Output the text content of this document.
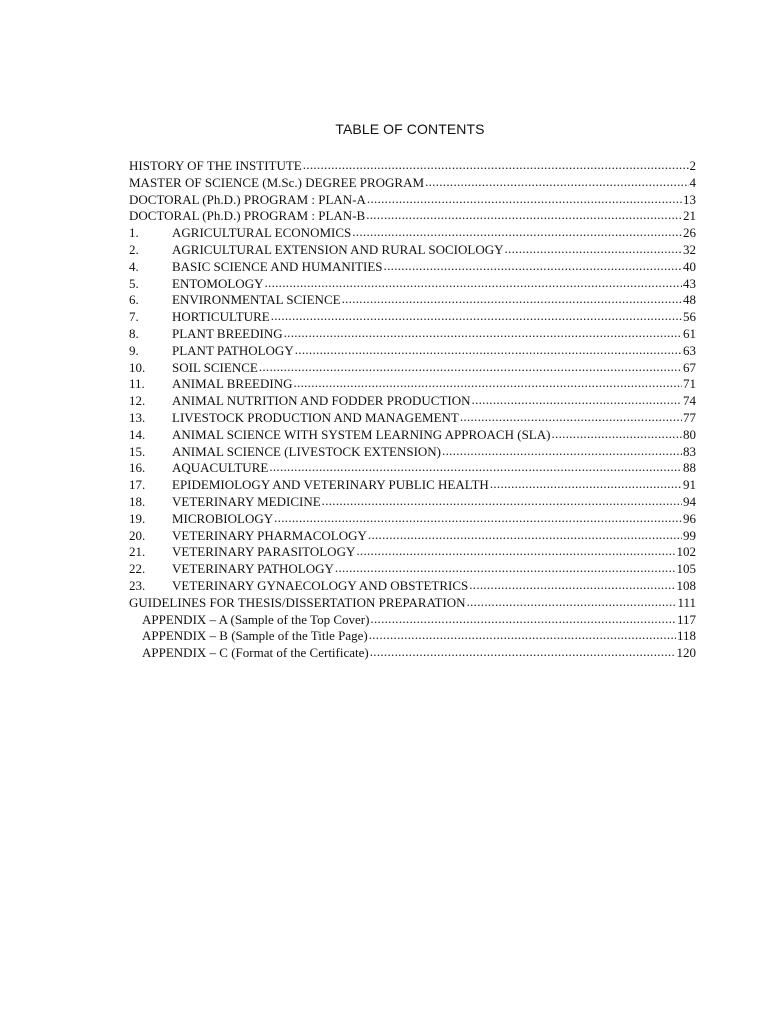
TABLE OF CONTENTS
HISTORY OF THE INSTITUTE .....	2
MASTER OF SCIENCE (M.Sc.) DEGREE PROGRAM .....	4
DOCTORAL (Ph.D.) PROGRAM : PLAN-A .....	13
DOCTORAL (Ph.D.) PROGRAM : PLAN-B .....	21
1.	AGRICULTURAL ECONOMICS .....	26
2.	AGRICULTURAL EXTENSION AND RURAL SOCIOLOGY .....	32
4.	BASIC SCIENCE AND HUMANITIES .....	40
5.	ENTOMOLOGY .....	43
6.	ENVIRONMENTAL SCIENCE .....	48
7.	HORTICULTURE .....	56
8.	PLANT BREEDING .....	61
9.	PLANT PATHOLOGY .....	63
10.	SOIL SCIENCE .....	67
11.	ANIMAL BREEDING .....	71
12.	ANIMAL NUTRITION AND FODDER PRODUCTION .....	74
13.	LIVESTOCK PRODUCTION AND MANAGEMENT .....	77
14.	ANIMAL SCIENCE WITH SYSTEM LEARNING APPROACH (SLA) .....	80
15.	ANIMAL SCIENCE (LIVESTOCK EXTENSION) .....	83
16.	AQUACULTURE .....	88
17.	EPIDEMIOLOGY AND VETERINARY PUBLIC HEALTH .....	91
18.	VETERINARY MEDICINE .....	94
19.	MICROBIOLOGY .....	96
20.	VETERINARY PHARMACOLOGY .....	99
21.	VETERINARY PARASITOLOGY .....	102
22.	VETERINARY PATHOLOGY .....	105
23.	VETERINARY GYNAECOLOGY AND OBSTETRICS .....	108
GUIDELINES FOR THESIS/DISSERTATION PREPARATION .....	111
APPENDIX – A (Sample of the Top Cover) .....	117
APPENDIX – B (Sample of the Title Page) .....	118
APPENDIX – C (Format of the Certificate) .....	120
